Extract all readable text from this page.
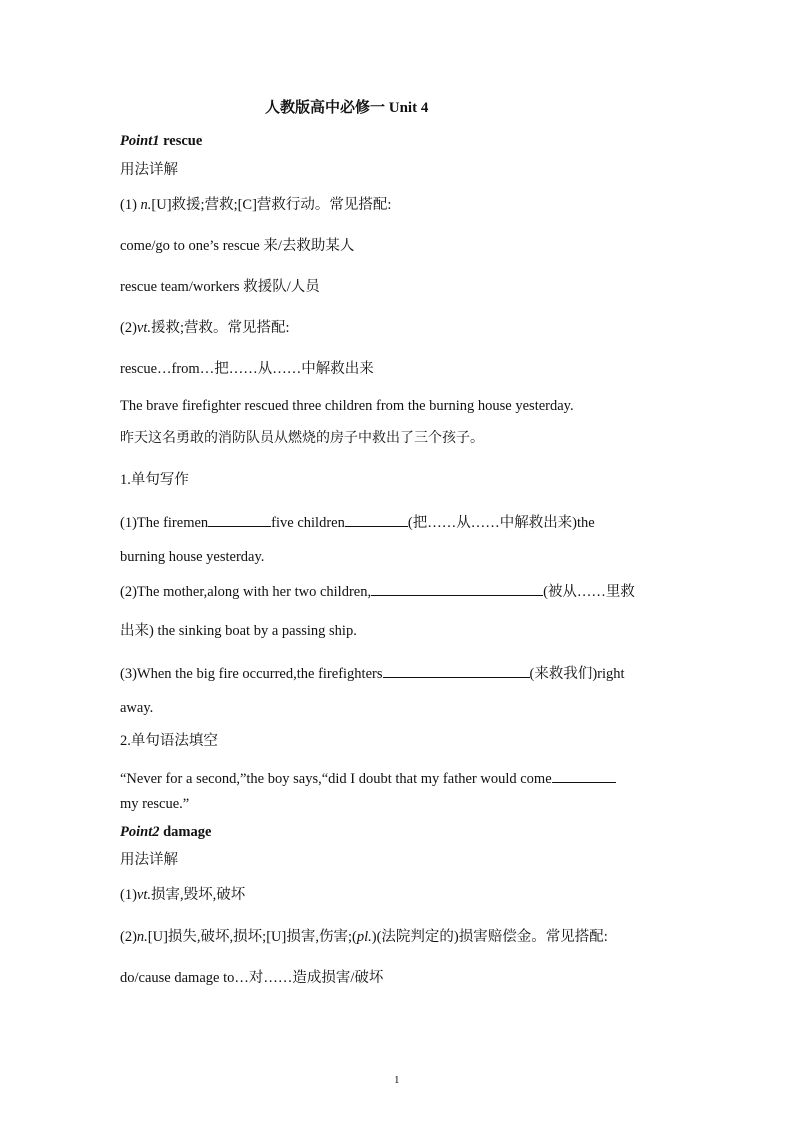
人教版高中必修一 Unit 4
Point1 rescue
用法详解
(1) n.[U]救援;营救;[C]营救行动。常见搭配:
come/go to one’s rescue 来/去救助某人
rescue team/workers 救援队/人员
(2)vt.援救;营救。常见搭配:
rescue…from…把……从……中解救出来
The brave firefighter rescued three children from the burning house yesterday.
昨天这名勇敢的消防队员从燃烧的房子中救出了三个孩子。
1.单句写作
(1)The firemen	five children	(把……从……中解救出来)the
burning house yesterday.
(2)The mother,along with her two children,	(被从……里救
出来) the sinking boat by a passing ship.
(3)When the big fire occurred,the firefighters	(来救我们)right
away.
2.单句语法填空
“Never for a second,”the boy says,“did I doubt that my father would come
my rescue.”
Point2 damage
用法详解
(1)vt.损害,毁坏,破坏
(2)n.[U]损失,破坏,损坏;[U]损害,伤害;(pl.)(法院判定的)损害赔偿金。常见搭配:
do/cause damage to…对……造成损害/破坏
1
